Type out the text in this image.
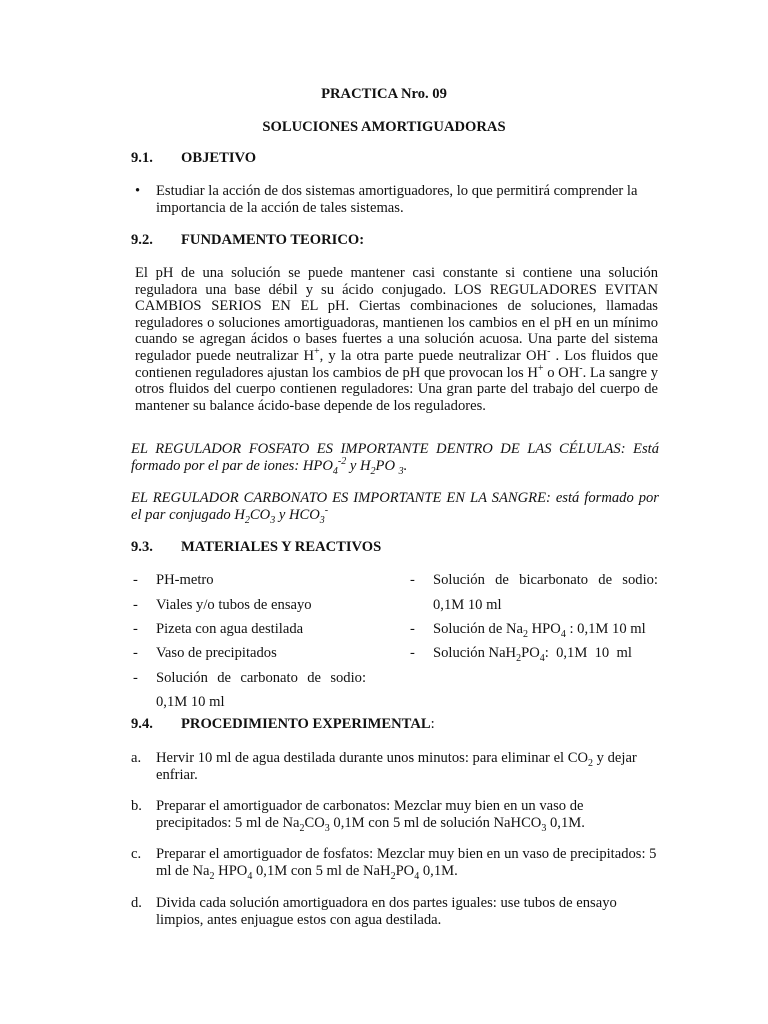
PRACTICA Nro. 09
SOLUCIONES AMORTIGUADORAS
9.1. OBJETIVO
• Estudiar la acción de dos sistemas amortiguadores, lo que permitirá comprender la importancia de la acción de tales sistemas.
9.2. FUNDAMENTO TEORICO:
El pH de una solución se puede mantener casi constante si contiene una solución reguladora una base débil y su ácido conjugado. LOS REGULADORES EVITAN CAMBIOS SERIOS EN EL pH. Ciertas combinaciones de soluciones, llamadas reguladores o soluciones amortiguadoras, mantienen los cambios en el pH en un mínimo cuando se agregan ácidos o bases fuertes a una solución acuosa. Una parte del sistema regulador puede neutralizar H+, y la otra parte puede neutralizar OH- . Los fluidos que contienen reguladores ajustan los cambios de pH que provocan los H+ o OH-. La sangre y otros fluidos del cuerpo contienen reguladores: Una gran parte del trabajo del cuerpo de mantener su balance ácido-base depende de los reguladores.
EL REGULADOR FOSFATO ES IMPORTANTE DENTRO DE LAS CÉLULAS: Está formado por el par de iones: $HPO_4^{-2}$ y $H_2PO$ $_3$.
EL REGULADOR CARBONATO ES IMPORTANTE EN LA SANGRE: está formado por el par conjugado $H_2CO_3$ y $HCO_3^-$
9.3. MATERIALES Y REACTIVOS
- PH-metro
- Viales y/o tubos de ensayo
- Pizeta con agua destilada
- Vaso de precipitados
- Solución de carbonato de sodio:
0,1M 10 ml
- Solución de bicarbonato de sodio:
0,1M 10 ml
- Solución de $Na_2$ $HPO_4$ : 0,1M 10 ml
- Solución $NaH_2PO_4$:  0,1M  10  ml
9.4. PROCEDIMIENTO EXPERIMENTAL:
a. Hervir 10 ml de agua destilada durante unos minutos: para eliminar el $CO_2$ y dejar enfriar.
b. Preparar el amortiguador de carbonatos: Mezclar muy bien en un vaso de precipitados: 5 ml de $Na_2CO_3$ 0,1M con 5 ml de solución NaHCO$_3$ 0,1M.
c. Preparar el amortiguador de fosfatos: Mezclar muy bien en un vaso de precipitados: 5 ml de $Na_2$ $HPO_4$ 0,1M con 5 ml de $NaH_2PO_4$ 0,1M.
d. Divida cada solución amortiguadora en dos partes iguales: use tubos de ensayo limpios, antes enjuague estos con agua destilada.
